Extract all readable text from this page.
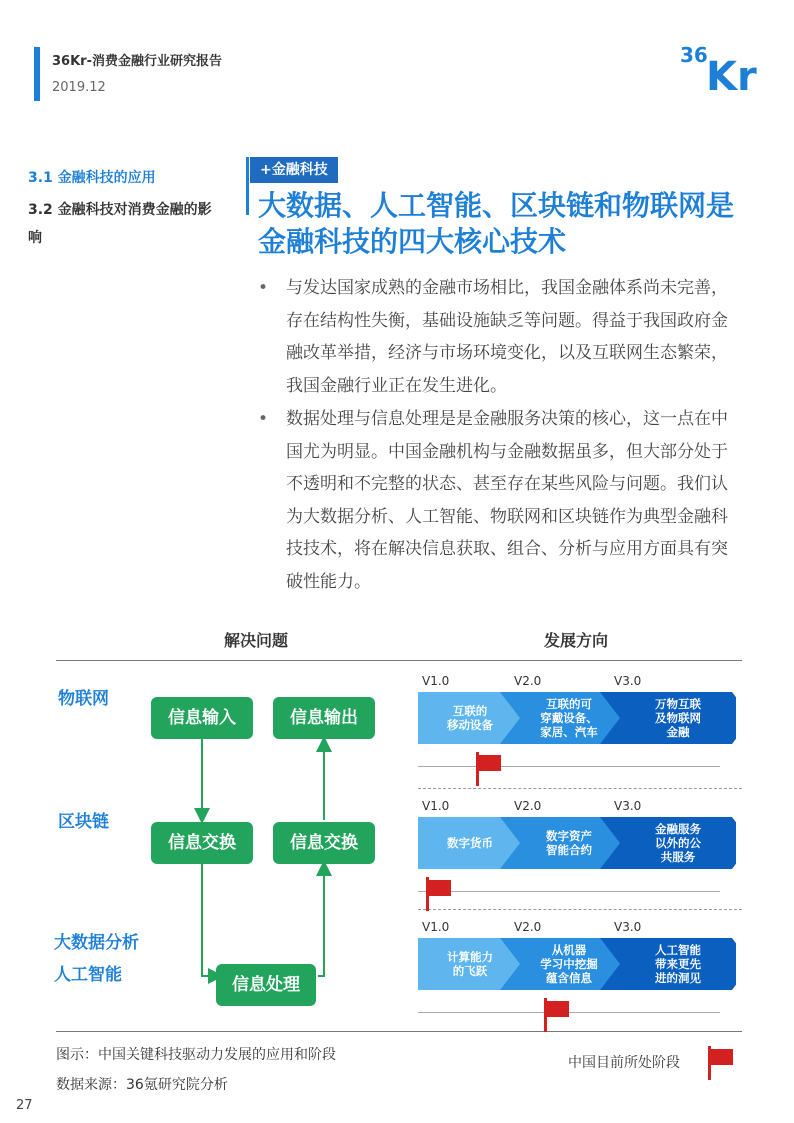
36Kr-消费金融行业研究报告
2019.12
36
Kr
3.1 金融科技的应用
3.2 金融科技对消费金融的影响
+金融科技
大数据、人工智能、区块链和物联网是金融科技的四大核心技术
• 与发达国家成熟的金融市场相比，我国金融体系尚未完善，存在结构性失衡，基础设施缺乏等问题。得益于我国政府金融改革举措，经济与市场环境变化，以及互联网生态繁荣，我国金融行业正在发生进化。
• 数据处理与信息处理是是金融服务决策的核心，这一点在中国尤为明显。中国金融机构与金融数据虽多，但大部分处于不透明和不完整的状态、甚至存在某些风险与问题。我们认为大数据分析、人工智能、物联网和区块链作为典型金融科技技术，将在解决信息获取、组合、分析与应用方面具有突破性能力。
解决问题	发展方向
物联网
区块链
大数据分析
人工智能
信息输入	信息输出
信息交换	信息交换
信息处理
V1.0	V2.0	V3.0
互联的移动设备
互联的可穿戴设备、家居、汽车
万物互联及物联网金融
V1.0	V2.0	V3.0
数字货币	数字资产智能合约
金融服务以外的公共服务
V1.0	V2.0	V3.0
计算能力的飞跃
从机器学习中挖掘蕴含信息
人工智能带来更先进的洞见
图示：中国关键科技驱动力发展的应用和阶段
数据来源：36氪研究院分析
中国目前所处阶段
27
